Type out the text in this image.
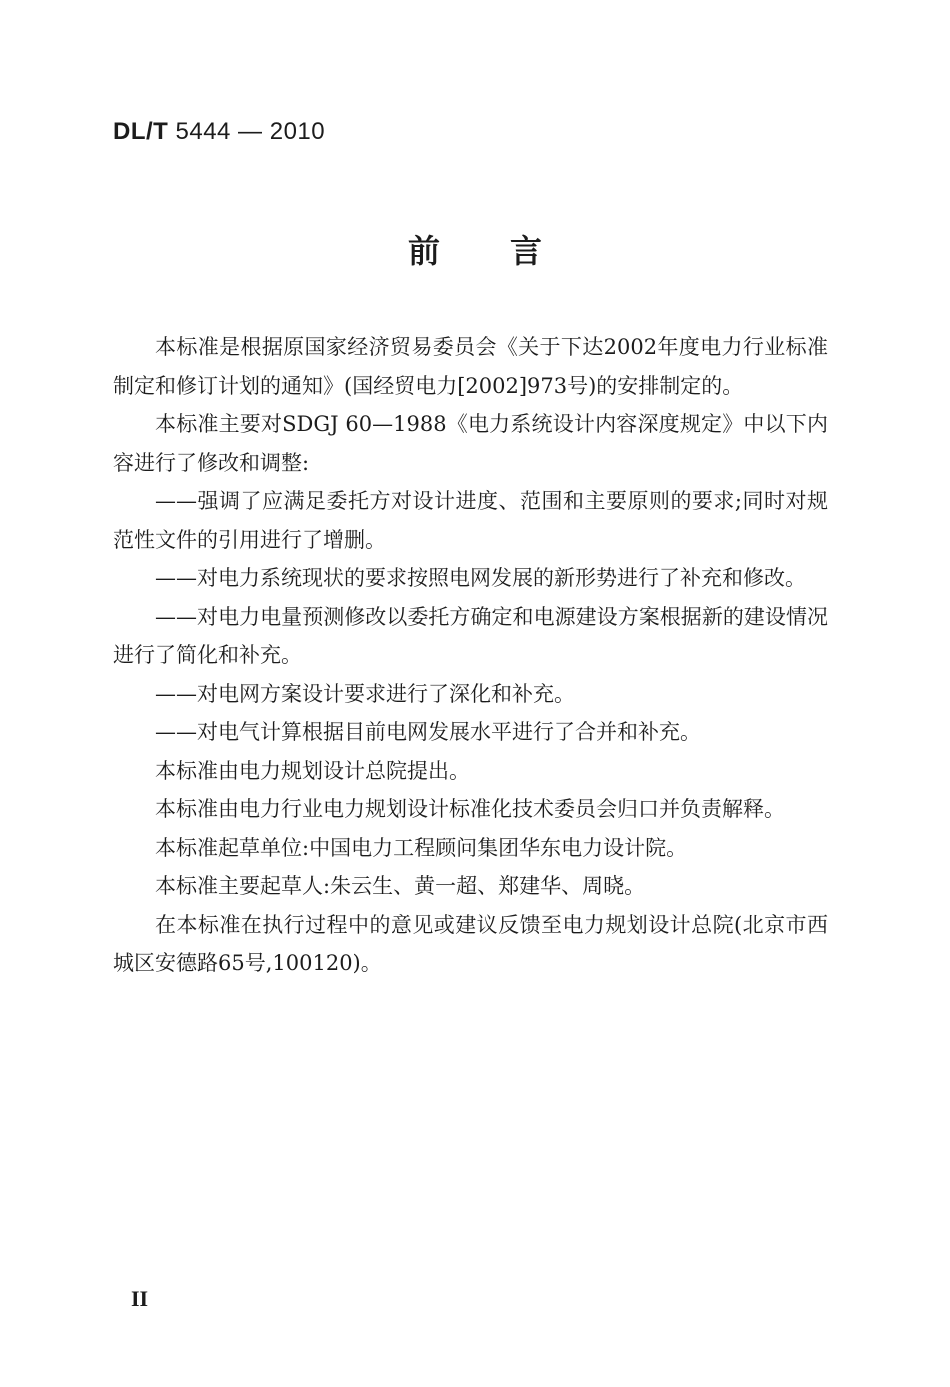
DL/T 5444 — 2010
前 言

本标准是根据原国家经济贸易委员会《关于下达2002年度电力行业标准制定和修订计划的通知》(国经贸电力[2002]973号)的安排制定的。

本标准主要对SDGJ 60—1988《电力系统设计内容深度规定》中以下内容进行了修改和调整:

——强调了应满足委托方对设计进度、范围和主要原则的要求;同时对规范性文件的引用进行了增删。

——对电力系统现状的要求按照电网发展的新形势进行了补充和修改。

——对电力电量预测修改以委托方确定和电源建设方案根据新的建设情况进行了简化和补充。

——对电网方案设计要求进行了深化和补充。

——对电气计算根据目前电网发展水平进行了合并和补充。

本标准由电力规划设计总院提出。

本标准由电力行业电力规划设计标准化技术委员会归口并负责解释。

本标准起草单位:中国电力工程顾问集团华东电力设计院。

本标准主要起草人:朱云生、黄一超、郑建华、周晓。

在本标准在执行过程中的意见或建议反馈至电力规划设计总院(北京市西城区安德路65号,100120)。

II
